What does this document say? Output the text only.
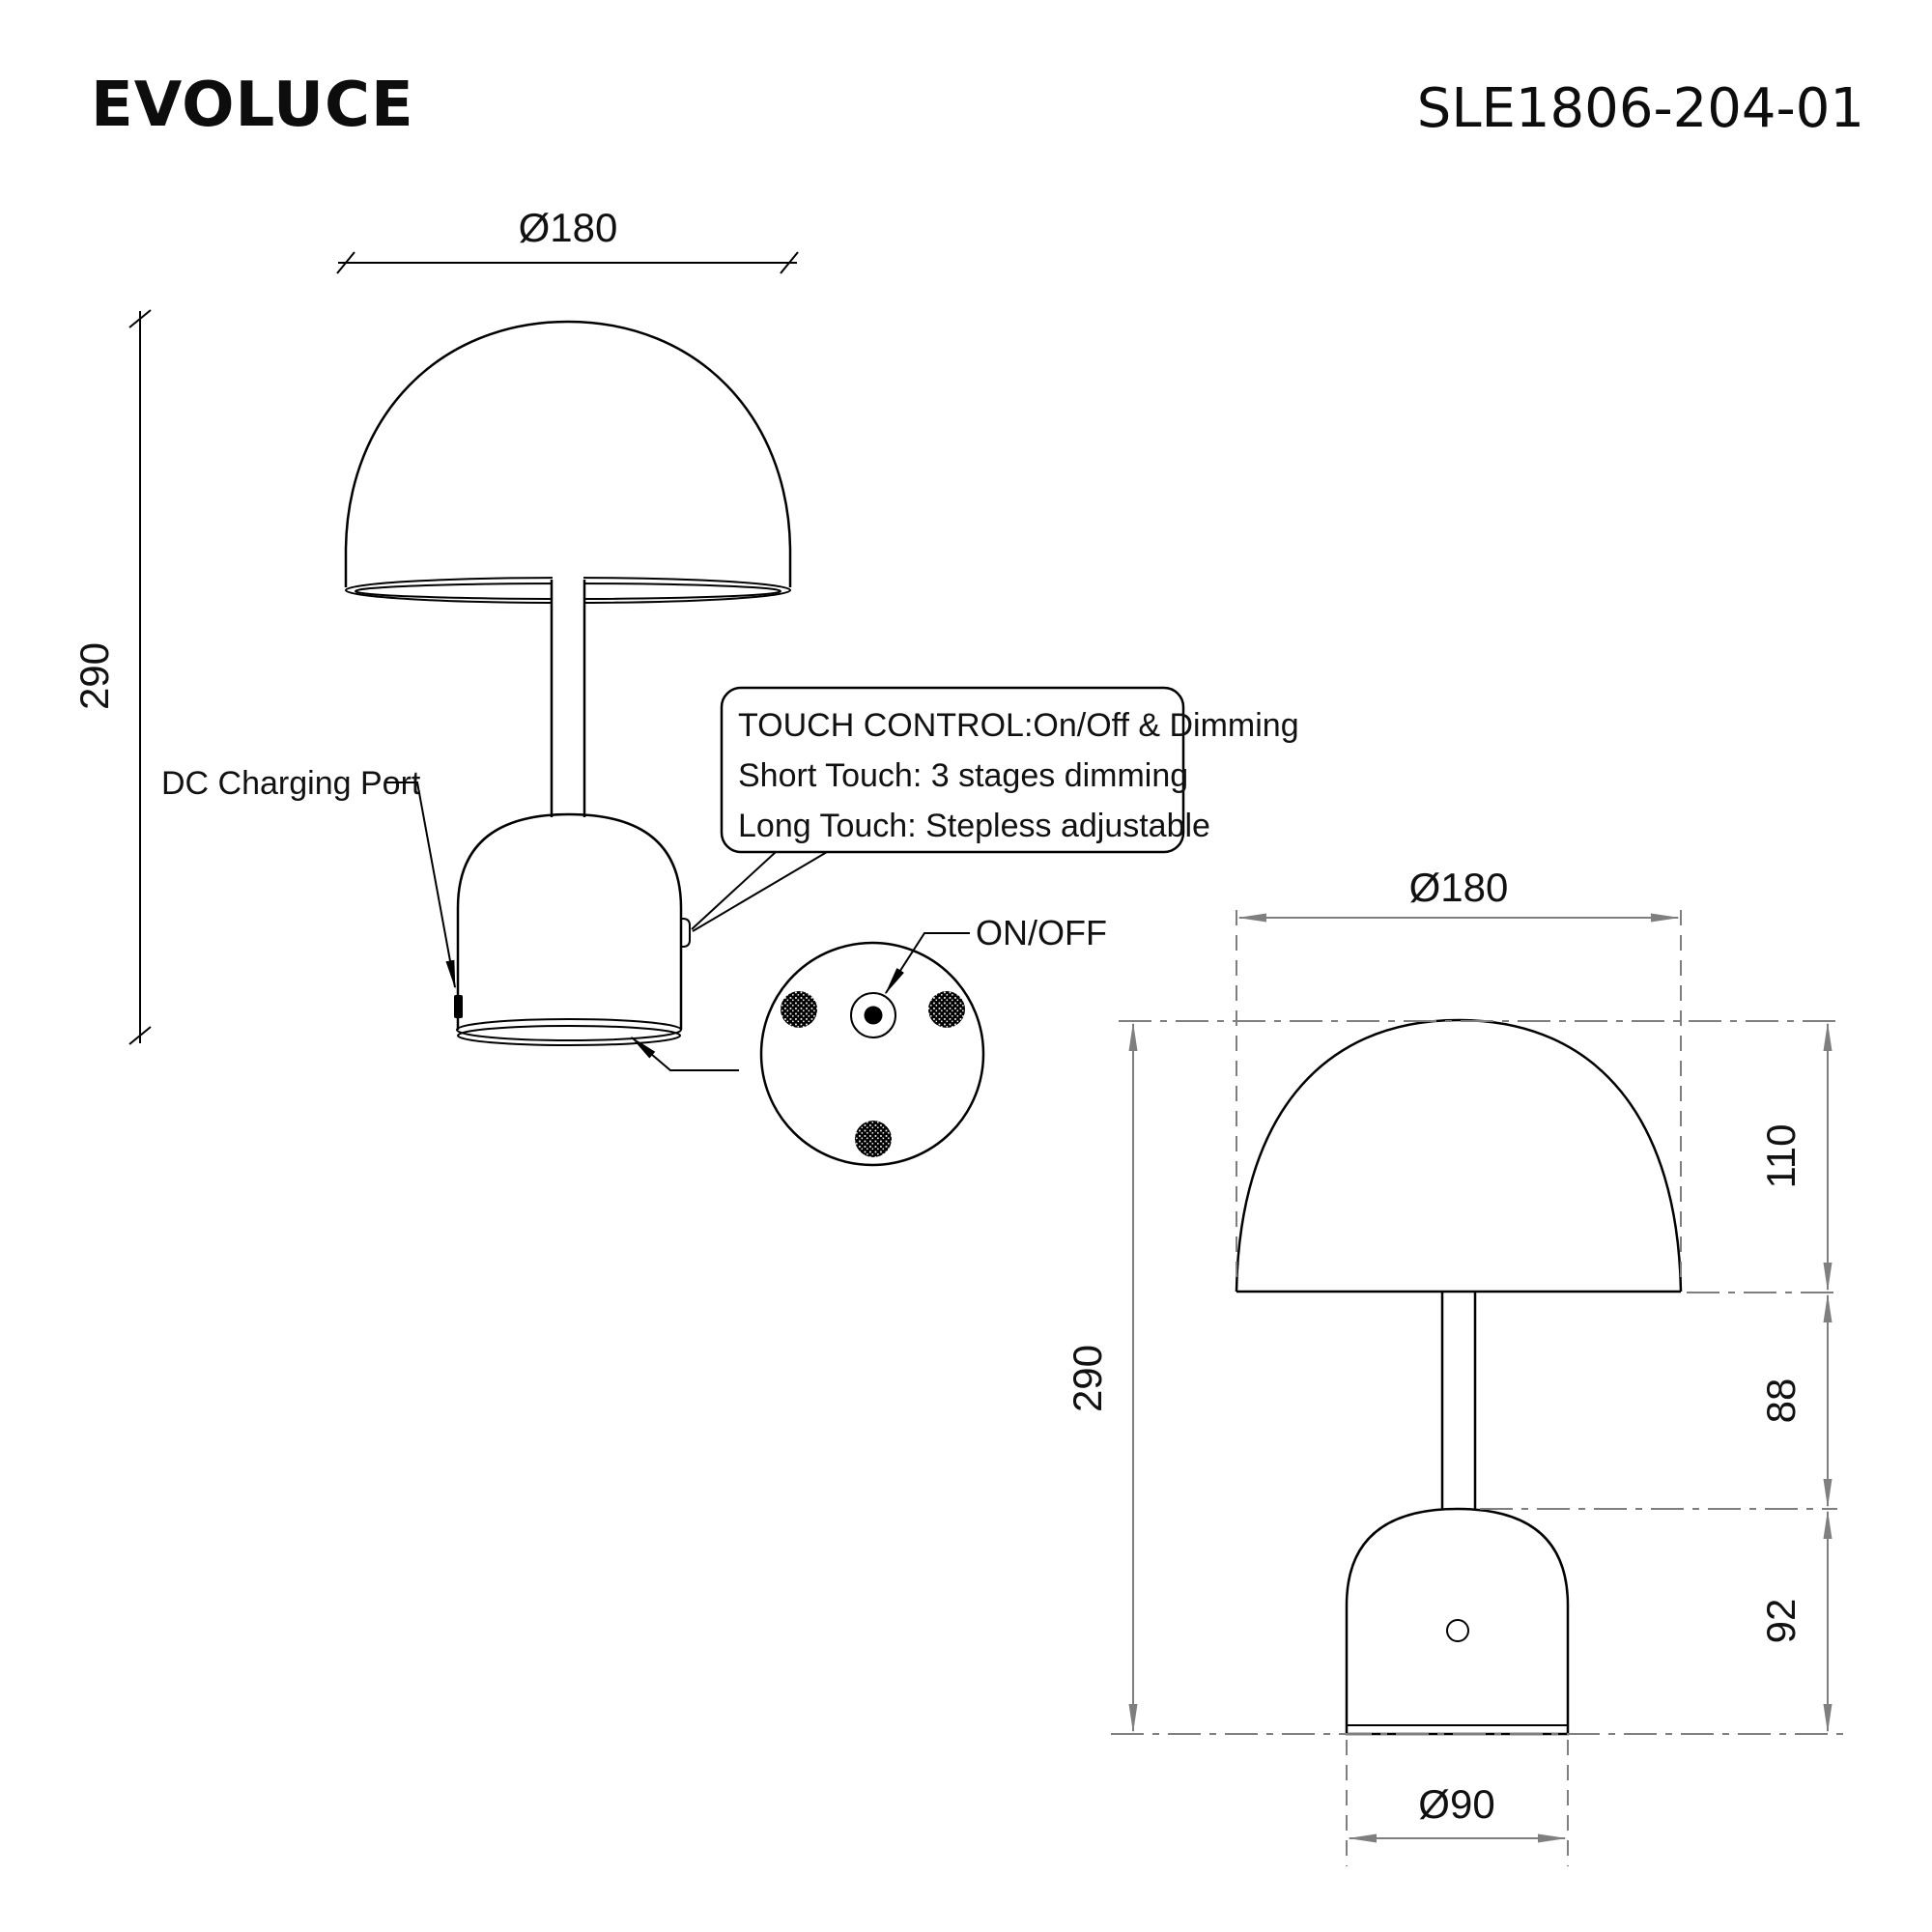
EVOLUCE	SLE1806-204-01
Ø180
290
DC Charging Port
TOUCH CONTROL:On/Off & Dimming
Short Touch: 3 stages dimming
Long Touch: Stepless adjustable
ON/OFF
Ø180
290
110
88
92
Ø90
